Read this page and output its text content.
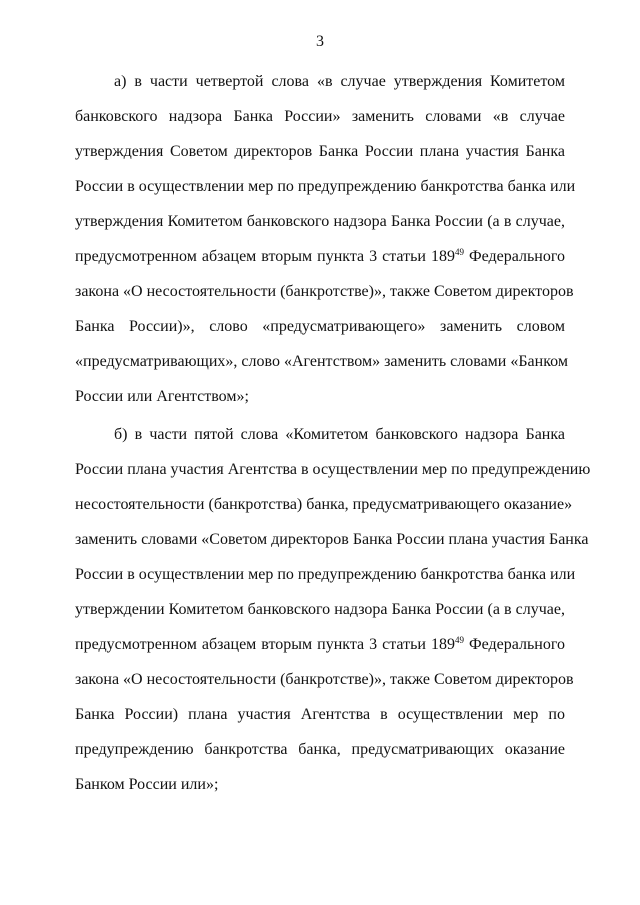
3
а) в части четвертой слова «в случае утверждения Комитетом
банковского надзора Банка России» заменить словами «в случае
утверждения Советом директоров Банка России плана участия Банка
России в осуществлении мер по предупреждению банкротства банка или
утверждения Комитетом банковского надзора Банка России (а в случае,
предусмотренном абзацем вторым пункта 3 статьи $189^{49}$ Федерального
закона «О несостоятельности (банкротстве)», также Советом директоров
Банка России)», слово «предусматривающего» заменить словом
«предусматривающих», слово «Агентством» заменить словами «Банком
России или Агентством»;
б) в части пятой слова «Комитетом банковского надзора Банка
России плана участия Агентства в осуществлении мер по предупреждению
несостоятельности (банкротства) банка, предусматривающего оказание»
заменить словами «Советом директоров Банка России плана участия Банка
России в осуществлении мер по предупреждению банкротства банка или
утверждении Комитетом банковского надзора Банка России (а в случае,
предусмотренном абзацем вторым пункта 3 статьи $189^{49}$ Федерального
закона «О несостоятельности (банкротстве)», также Советом директоров
Банка России) плана участия Агентства в осуществлении мер по
предупреждению банкротства банка, предусматривающих оказание
Банком России или»;
